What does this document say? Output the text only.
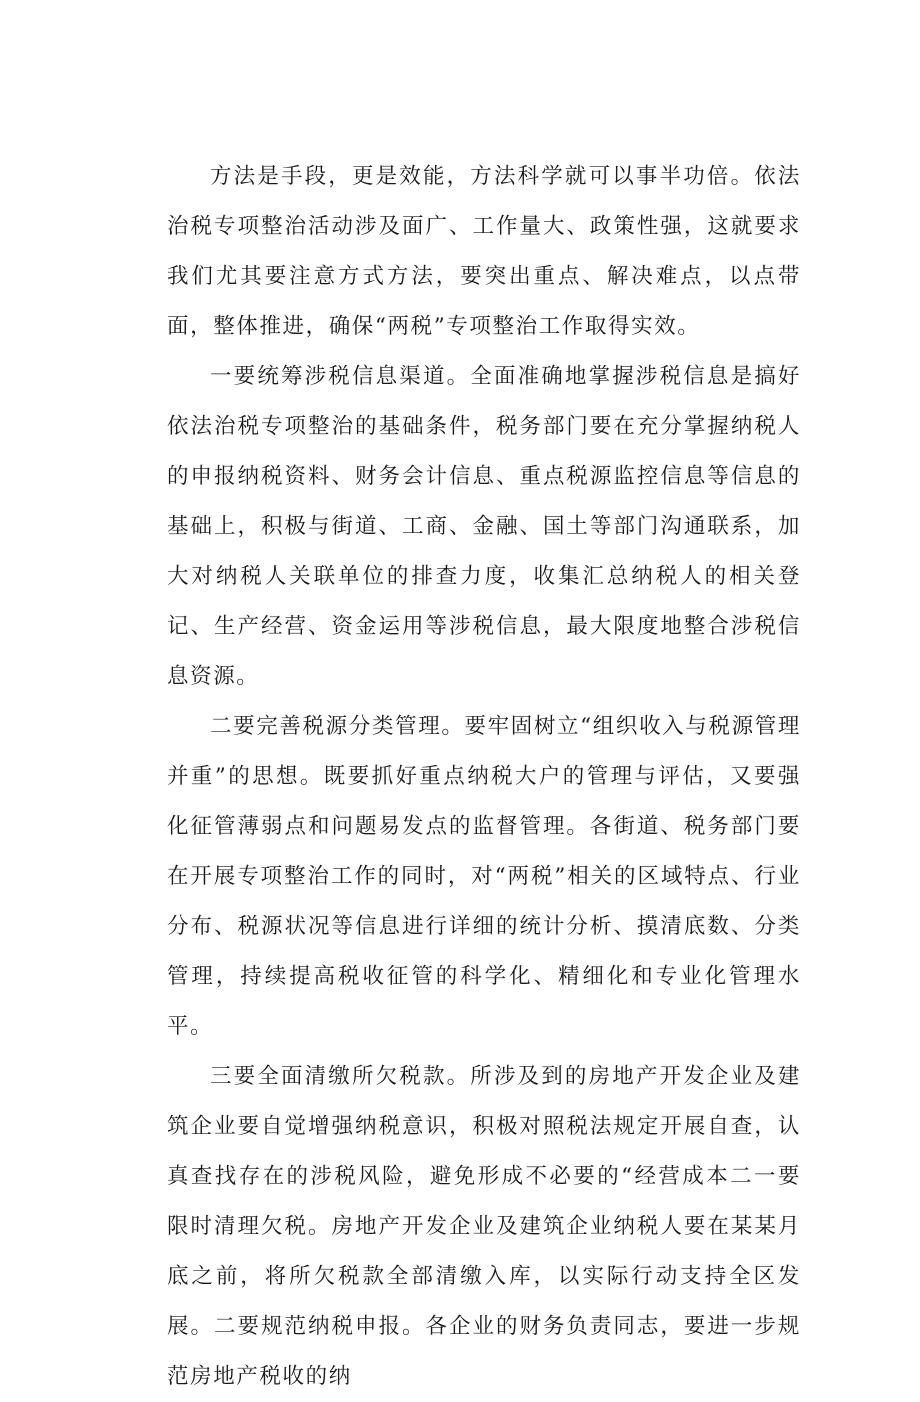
方法是手段，更是效能，方法科学就可以事半功倍。依法治税专项整治活动涉及面广、工作量大、政策性强，这就要求我们尤其要注意方式方法，要突出重点、解决难点，以点带面，整体推进，确保“两税”专项整治工作取得实效。

一要统筹涉税信息渠道。全面准确地掌握涉税信息是搞好依法治税专项整治的基础条件，税务部门要在充分掌握纳税人的申报纳税资料、财务会计信息、重点税源监控信息等信息的基础上，积极与街道、工商、金融、国土等部门沟通联系，加大对纳税人关联单位的排查力度，收集汇总纳税人的相关登记、生产经营、资金运用等涉税信息，最大限度地整合涉税信息资源。

二要完善税源分类管理。要牢固树立“组织收入与税源管理并重”的思想。既要抓好重点纳税大户的管理与评估，又要强化征管薄弱点和问题易发点的监督管理。各街道、税务部门要在开展专项整治工作的同时，对“两税”相关的区域特点、行业分布、税源状况等信息进行详细的统计分析、摸清底数、分类管理，持续提高税收征管的科学化、精细化和专业化管理水平。

三要全面清缴所欠税款。所涉及到的房地产开发企业及建筑企业要自觉增强纳税意识，积极对照税法规定开展自查，认真查找存在的涉税风险，避免形成不必要的“经营成本二一要限时清理欠税。房地产开发企业及建筑企业纳税人要在某某月底之前，将所欠税款全部清缴入库，以实际行动支持全区发展。二要规范纳税申报。各企业的财务负责同志，要进一步规范房地产税收的纳
